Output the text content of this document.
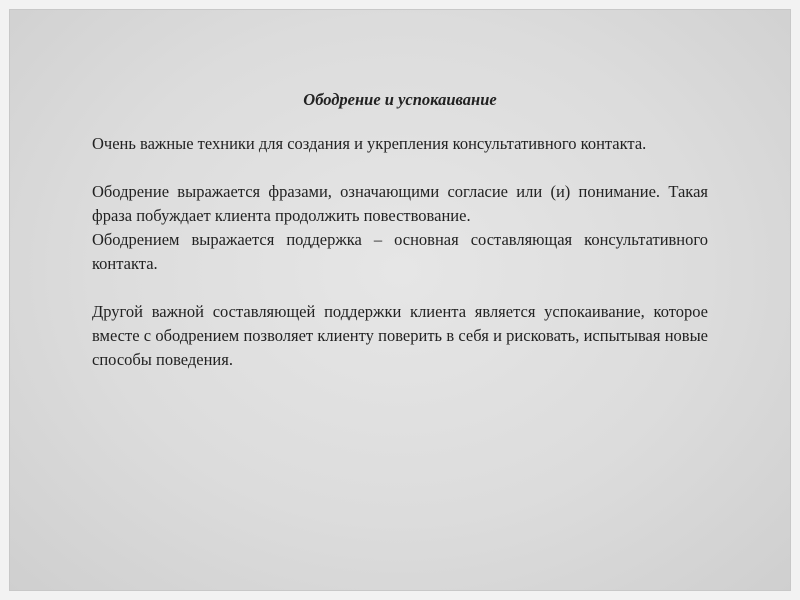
Ободрение и успокаивание

Очень важные техники для создания и укрепления консультативного контакта.

Ободрение выражается фразами, означающими согласие или (и) понимание. Такая фраза побуждает клиента продолжить повествование.

Ободрением выражается поддержка – основная составляющая консультативного контакта.

Другой важной составляющей поддержки клиента является успокаивание, которое вместе с ободрением позволяет клиенту поверить в себя и рисковать, испытывая новые способы поведения.
